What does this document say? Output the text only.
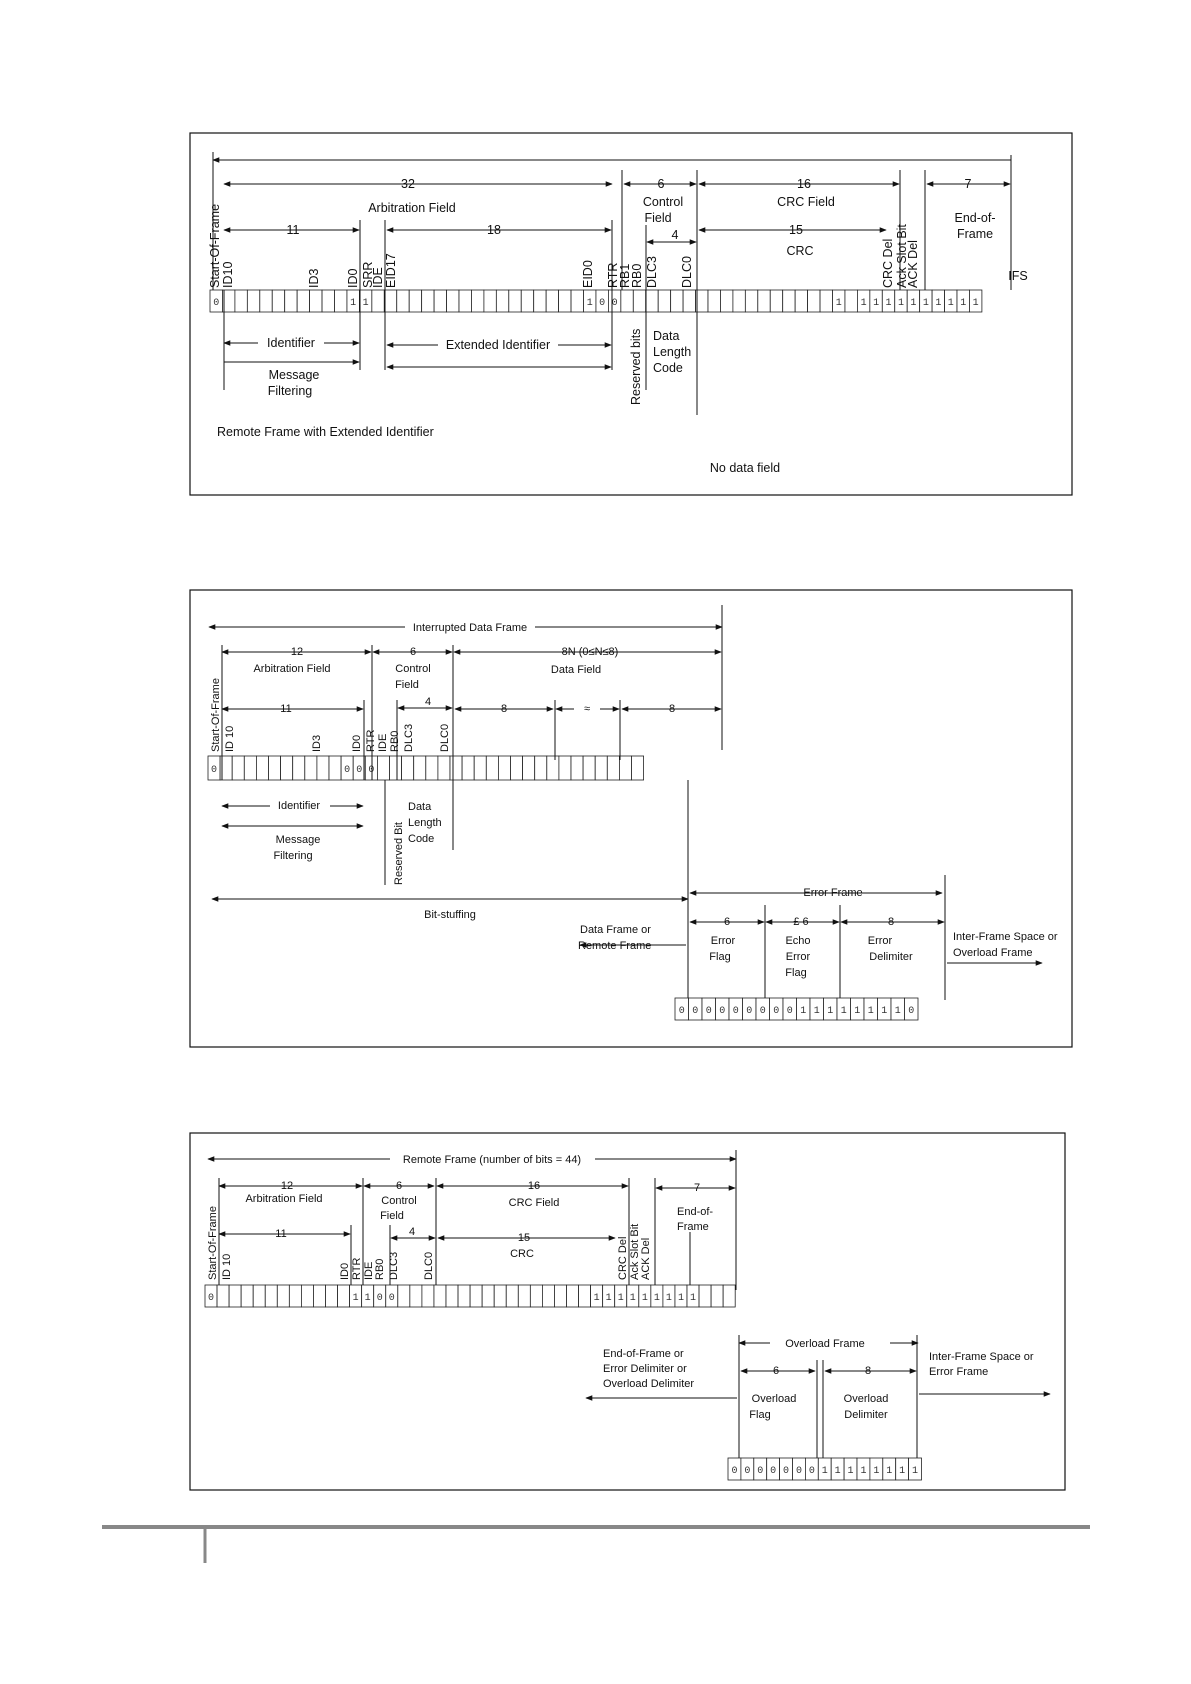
0	1 1	1 0 0	1 1 1 1 1 1 1 1 1 1 1
32	6	16	7
Arbitration Field	Control
Field
CRC Field
End-of-
Frame
11	18	4	15
CRC
Start-Of-Frame ID10	ID3 ID0 SRR
IDE EID17	EID0 RTR
RB1
RB0 DLC3 DLC0	CRC Del Ack Slot Bit
ACK Del	IFS
Identifier
Message
Filtering
Extended Identifier	Reserved bits Data
Length
Code
Remote Frame with Extended Identifier
No data field
0	0 0 0
Interrupted Data Frame
12
Arbitration Field
6
Control
Field
8N (0≤N≤8)
Data Field
11
4
8	≈	8
Start-Of-Frame ID 10	ID3	ID0 RTR IDE RB0 DLC3 DLC0
Identifier
Message
Filtering	Reserved Bit
Data
Length
Code
Bit-stuffing
Error Frame
6	£ 6	8
Error
Flag
Echo
Error
Flag
Error
Delimiter
Data Frame or
Remote Frame
Inter-Frame Space or
Overload Frame
0 0 0 0 0 0 0 0 0 1 1 1 1 1 1 1 1 0
0	1 1 0 0	1 1 1 1 1 1 1 1 1
Remote Frame (number of bits = 44)
12
Arbitration Field
6
Control
Field
16
CRC Field
7
End-of-
Frame
11	4	15
CRC
Start-Of-Frame ID 10	ID0 RTR IDE RB0 DLC3 DLC0	CRC Del Ack Slot Bit ACK Del
Overload Frame
6	8
Overload
Flag
Overload
Delimiter
End-of-Frame or
Error Delimiter or
Overload Delimiter
Inter-Frame Space or
Error Frame
0 0 0 0 0 0 0 1 1 1 1 1 1 1 1
